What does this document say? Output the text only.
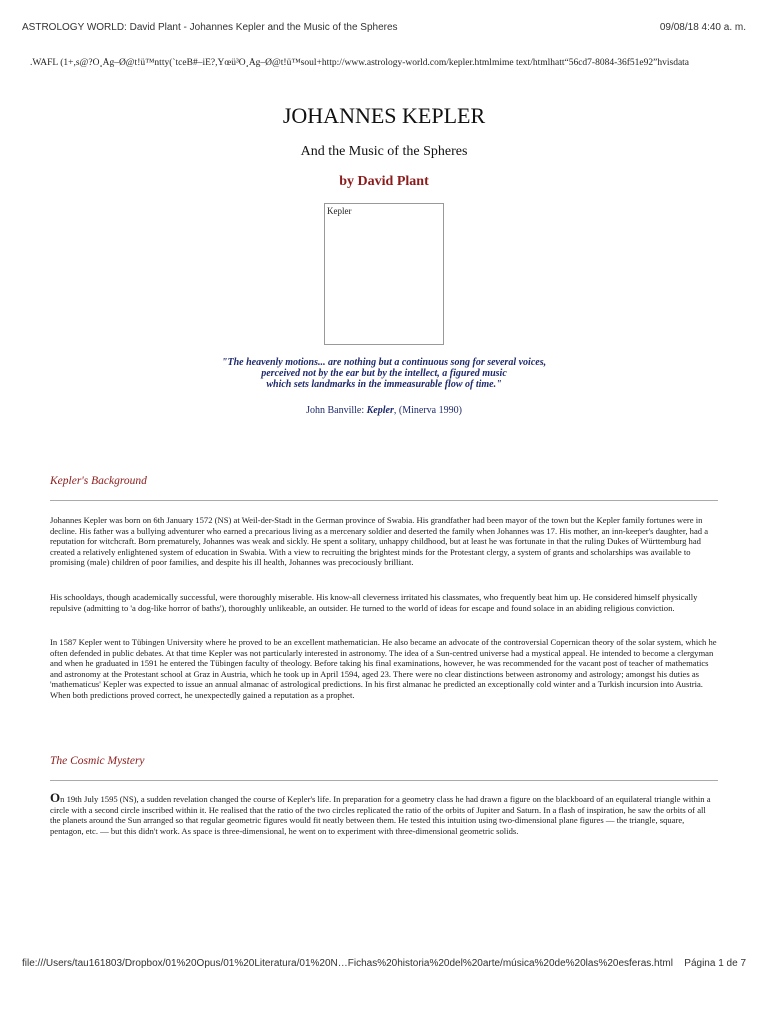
ASTROLOGY WORLD: David Plant - Johannes Kepler and the Music of the Spheres	09/08/18 4:40 a. m.
.WAFL (1+,s@?Ó¸Åg–Ø@t!ü™ntty(`tceB#–iÈ?,Ýœü³Ó¸Åg–Ø@t!ü™soul+http://www.astrology-world.com/kepler.htmlmime text/htmlhatt“56cd7-8084-36f51e92”hvisdata
JOHANNES KEPLER
And the Music of the Spheres
by David Plant
Kepler
"The heavenly motions... are nothing but a continuous song for several voices,
perceived not by the ear but by the intellect, a figured music
which sets landmarks in the immeasurable flow of time."
John Banville: Kepler, (Minerva 1990)
Kepler's Background
Johannes Kepler was born on 6th January 1572 (NS) at Weil-der-Stadt in the German province of Swabia. His grandfather had been mayor of the town but the Kepler family fortunes were in decline. His father was a bullying adventurer who earned a precarious living as a mercenary soldier and deserted the family when Johannes was 17. His mother, an inn-keeper's daughter, had a reputation for witchcraft. Born prematurely, Johannes was weak and sickly. He spent a solitary, unhappy childhood, but at least he was fortunate in that the ruling Dukes of Württemburg had created a relatively enlightened system of education in Swabia. With a view to recruiting the brightest minds for the Protestant clergy, a system of grants and scholarships was available to promising (male) children of poor families, and despite his ill health, Johannes was precociously brilliant.
His schooldays, though academically successful, were thoroughly miserable. His know-all cleverness irritated his classmates, who frequently beat him up. He considered himself physically repulsive (admitting to 'a dog-like horror of baths'), thoroughly unlikeable, an outsider. He turned to the world of ideas for escape and found solace in an abiding religious conviction.
In 1587 Kepler went to Tübingen University where he proved to be an excellent mathematician. He also became an advocate of the controversial Copernican theory of the solar system, which he often defended in public debates. At that time Kepler was not particularly interested in astronomy. The idea of a Sun-centred universe had a mystical appeal. He intended to become a clergyman and when he graduated in 1591 he entered the Tübingen faculty of theology. Before taking his final examinations, however, he was recommended for the vacant post of teacher of mathematics and astronomy at the Protestant school at Graz in Austria, which he took up in April 1594, aged 23. There were no clear distinctions between astronomy and astrology; amongst his duties as 'mathematicus' Kepler was expected to issue an annual almanac of astrological predictions. In his first almanac he predicted an exceptionally cold winter and a Turkish incursion into Austria. When both predictions proved correct, he unexpectedly gained a reputation as a prophet.
The Cosmic Mystery
On 19th July 1595 (NS), a sudden revelation changed the course of Kepler's life. In preparation for a geometry class he had drawn a figure on the blackboard of an equilateral triangle within a circle with a second circle inscribed within it. He realised that the ratio of the two circles replicated the ratio of the orbits of Jupiter and Saturn. In a flash of inspiration, he saw the orbits of all the planets around the Sun arranged so that regular geometric figures would fit neatly between them. He tested this intuition using two-dimensional plane figures — the triangle, square, pentagon, etc. — but this didn't work. As space is three-dimensional, he went on to experiment with three-dimensional geometric solids.
file:///Users/tau161803/Dropbox/01%20Opus/01%20Literatura/01%20N…Fichas%20historia%20del%20arte/música%20de%20las%20esferas.html Página 1 de 7
